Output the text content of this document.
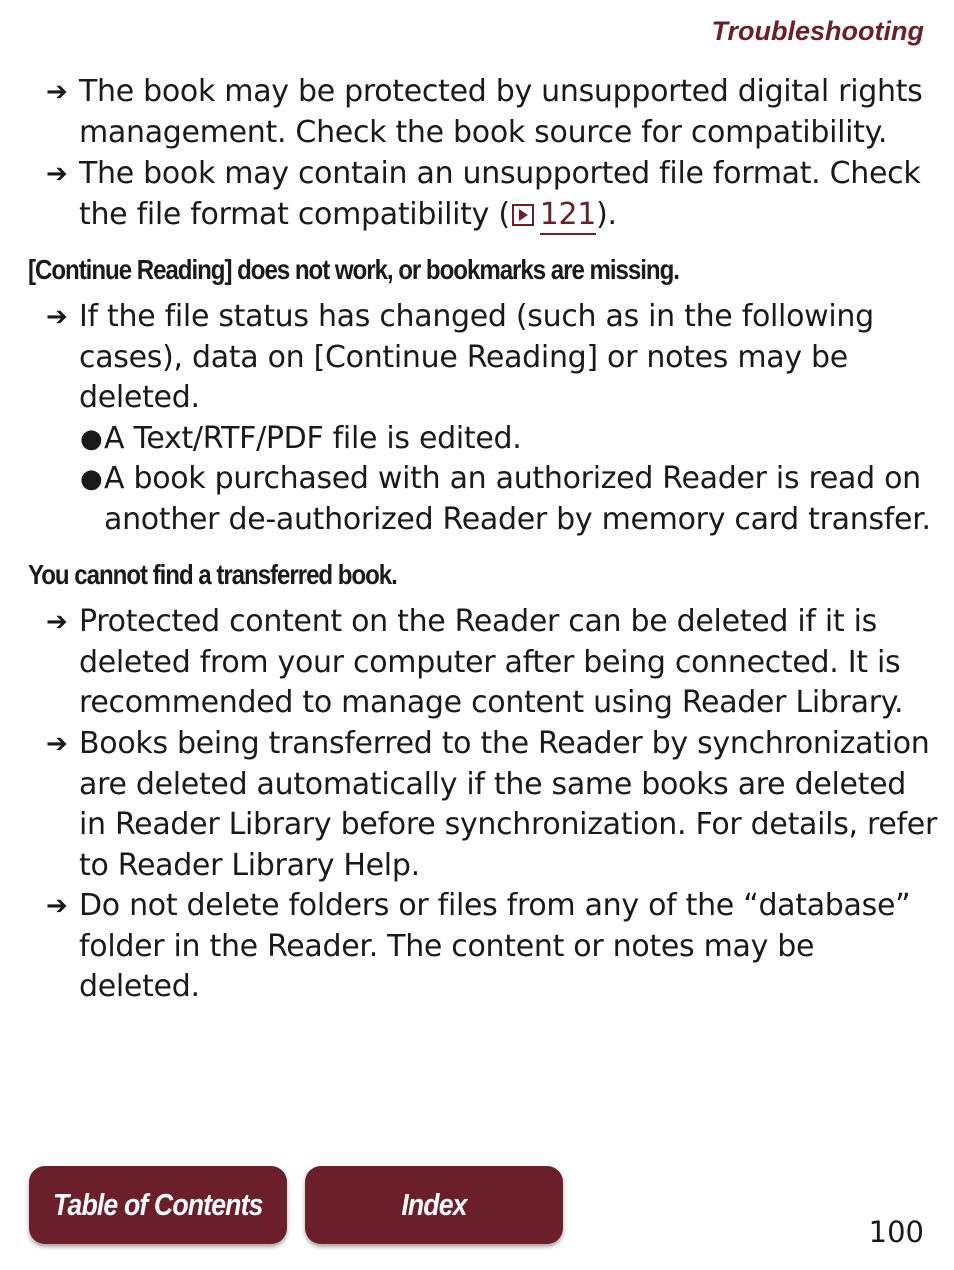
Troubleshooting
➔ The book may be protected by unsupported digital rights management. Check the book source for compatibility.
➔ The book may contain an unsupported file format. Check the file format compatibility ( 121).
[Continue Reading] does not work, or bookmarks are missing.
➔ If the file status has changed (such as in the following cases), data on [Continue Reading] or notes may be deleted.
● A Text/RTF/PDF file is edited.
● A book purchased with an authorized Reader is read on another de-authorized Reader by memory card transfer.
You cannot find a transferred book.
➔ Protected content on the Reader can be deleted if it is deleted from your computer after being connected. It is recommended to manage content using Reader Library.
➔ Books being transferred to the Reader by synchronization are deleted automatically if the same books are deleted in Reader Library before synchronization. For details, refer to Reader Library Help.
➔ Do not delete folders or files from any of the “database” folder in the Reader. The content or notes may be deleted.
Table of Contents	Index
100
